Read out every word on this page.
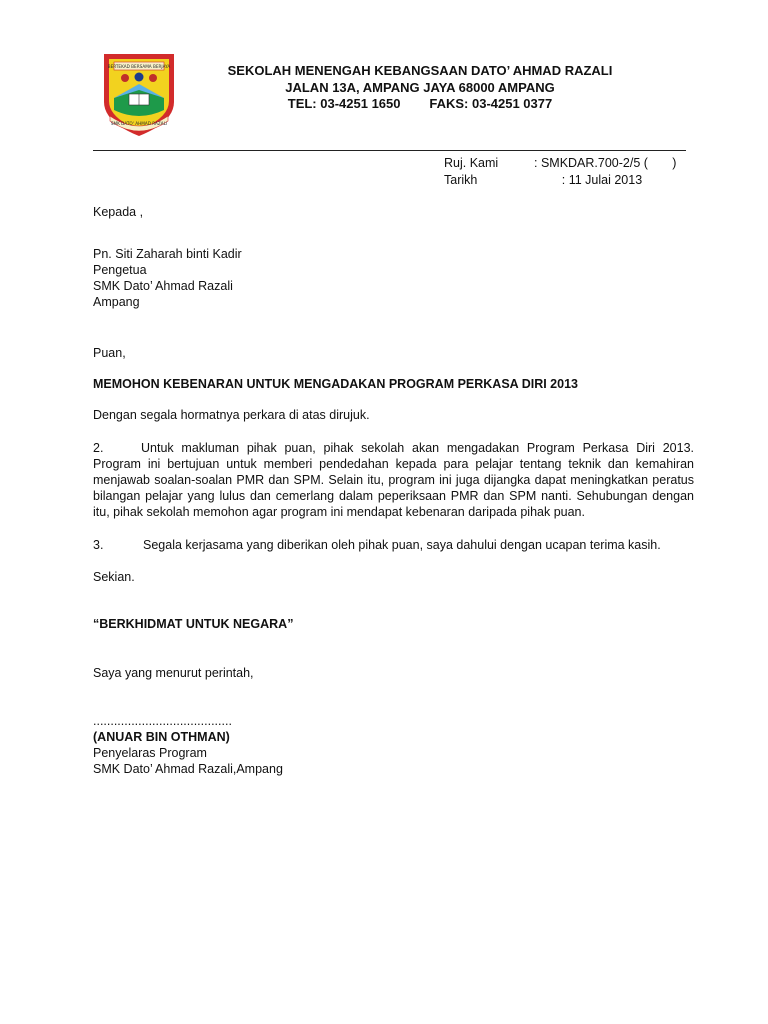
BERTEKAD BERSAMA BERJAYA
SMK DATO' AHMAD RAZALI
SEKOLAH MENENGAH KEBANGSAAN DATO’ AHMAD RAZALI
JALAN 13A, AMPANG JAYA 68000 AMPANG
TEL: 03-4251 1650        FAKS: 03-4251 0377
Ruj. Kami	: SMKDAR.700-2/5 (       )
Tarikh	: 11 Julai 2013
Kepada ,
Pn. Siti Zaharah binti Kadir
Pengetua
SMK Dato’ Ahmad Razali
Ampang
Puan,
MEMOHON KEBENARAN UNTUK MENGADAKAN PROGRAM PERKASA DIRI 2013
Dengan segala hormatnya perkara di atas dirujuk.
2.	Untuk makluman pihak puan, pihak sekolah akan mengadakan Program Perkasa Diri 2013. Program ini bertujuan untuk memberi pendedahan kepada para pelajar tentang teknik dan kemahiran menjawab soalan-soalan PMR dan SPM. Selain itu, program ini juga dijangka dapat meningkatkan peratus bilangan pelajar yang lulus dan cemerlang dalam peperiksaan PMR dan SPM nanti. Sehubungan dengan itu, pihak sekolah memohon agar program ini mendapat kebenaran daripada pihak puan.
3.	Segala kerjasama yang diberikan oleh pihak puan, saya dahului dengan ucapan terima kasih.
Sekian.
“BERKHIDMAT UNTUK NEGARA”
Saya yang menurut perintah,
........................................
(ANUAR BIN OTHMAN)
Penyelaras Program
SMK Dato’ Ahmad Razali,Ampang
